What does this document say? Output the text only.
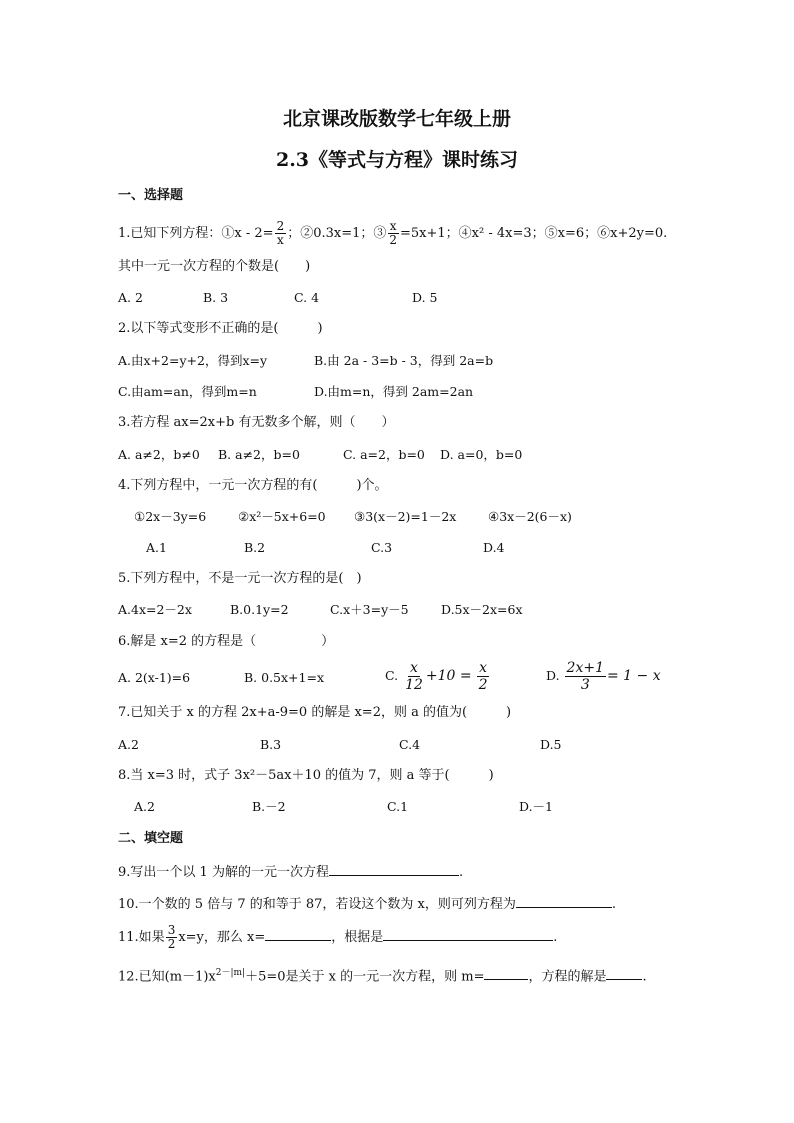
北京课改版数学七年级上册
2.3《等式与方程》课时练习
一、选择题
1.已知下列方程：①x - $2= \frac{2}{x}$ ；②0.3x=1；③ $\frac{x}{2} =5x+1$；④x² - 4x=3；⑤x=6；⑥x+2y=0.
其中一元一次方程的个数是(　　)
A. 2	B. 3	C. 4	D. 5
2.以下等式变形不正确的是(　　　)
A.由x+2=y+2，得到x=y	B.由 2a - 3=b - 3，得到 2a=b
C.由am=an，得到m=n	D.由m=n，得到 2am=2an
3.若方程 ax=2x+b 有无数多个解，则（　　）
A. a≠2，b≠0 B. a≠2，b=0	C. a=2，b=0 D. a=0，b=0
4.下列方程中，一元一次方程的有(　　　)个。
①2x－3y=6	②x²－5x+6=0 ③3(x－2)=1－2x	④3x－2(6－x)
A.1	B.2	C.3	D.4
5.下列方程中，不是一元一次方程的是(　)
A.4x=2－2x	B.0.1y=2	C.x＋3=y－5	D.5x－2x=6x
6.解是 x=2 的方程是（　　　　　）
A. 2(x-1)=6	B. 0.5x+1=x	C. $\frac{x}{12} +10 = \frac{x}{2}$	D. $\frac{2x+1}{3} = 1 - x$
7.已知关于 x 的方程 2x+a-9=0 的解是 x=2，则 a 的值为(　　　)
A.2	B.3	C.4	D.5
8.当 x=3 时，式子 3x²－5ax＋10 的值为 7，则 a 等于(　　　)
A.2	B.－2	C.1	D.－1
二、填空题
9.写出一个以 1 为解的一元一次方程	.
10.一个数的 5 倍与 7 的和等于 87，若设这个数为 x，则可列方程为	.
11.如果 $\frac{3}{2} x=y$，那么 x=	，根据是	.
12.已知$(m-1)x^{2-|m|}+5=0$是关于 x 的一元一次方程，则 m=	，方程的解是	.
